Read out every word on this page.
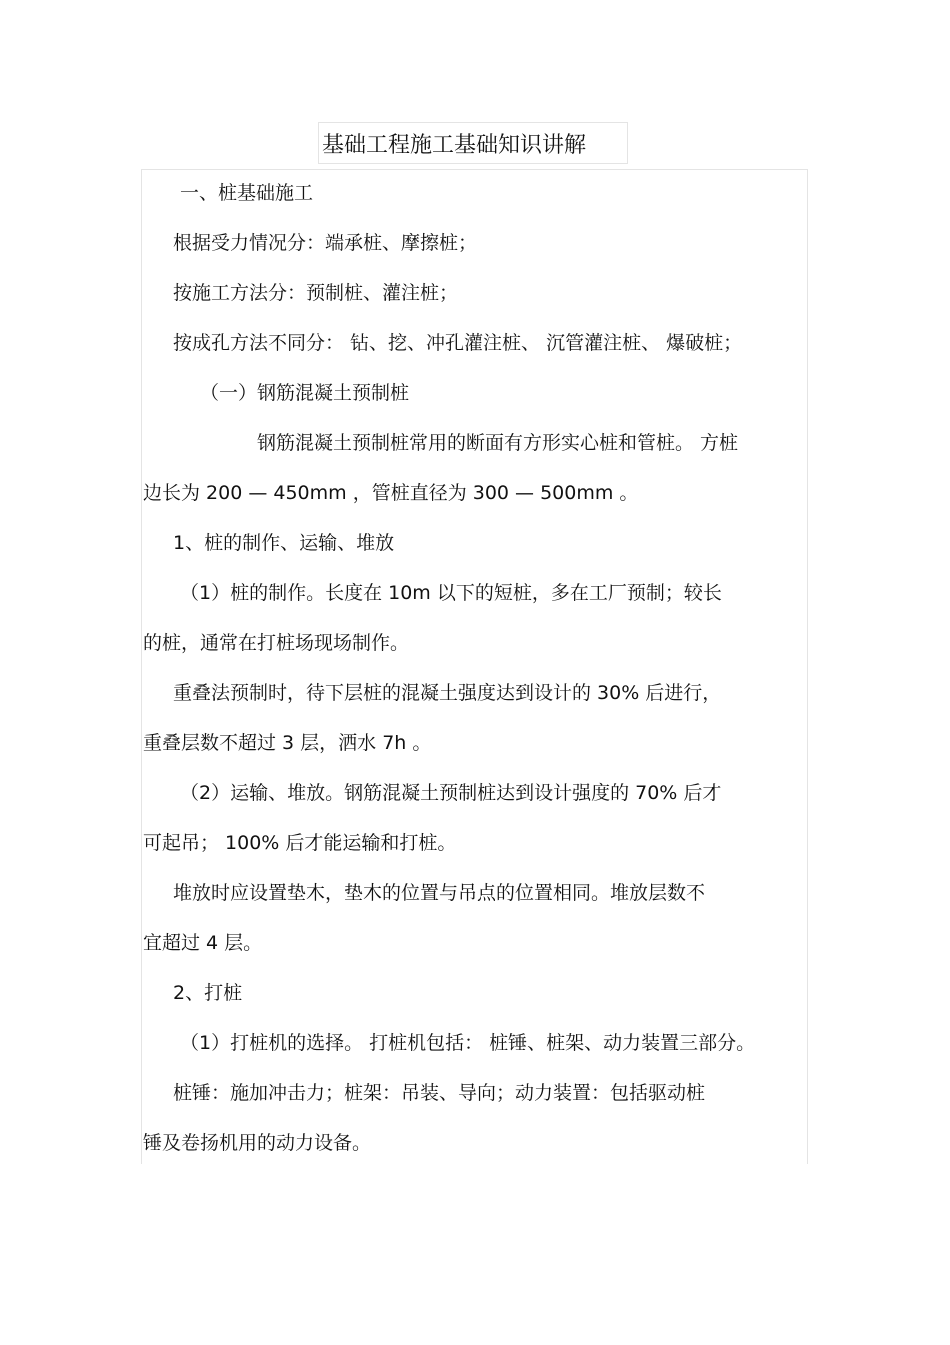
基础工程施工基础知识讲解
一、桩基础施工
根据受力情况分：端承桩、摩擦桩；
按施工方法分：预制桩、灌注桩；
按成孔方法不同分： 钻、挖、冲孔灌注桩、 沉管灌注桩、 爆破桩；
（一）钢筋混凝土预制桩
钢筋混凝土预制桩常用的断面有方形实心桩和管桩。 方桩
边长为 200 — 450mm ，管桩直径为 300 — 500mm 。
1、桩的制作、运输、堆放
（1）桩的制作。长度在 10m 以下的短桩，多在工厂预制；较长
的桩，通常在打桩场现场制作。
重叠法预制时，待下层桩的混凝土强度达到设计的 30% 后进行，
重叠层数不超过 3 层，洒水 7h 。
（2）运输、堆放。钢筋混凝土预制桩达到设计强度的 70% 后才
可起吊； 100% 后才能运输和打桩。
堆放时应设置垫木，垫木的位置与吊点的位置相同。堆放层数不
宜超过 4 层。
2、打桩
（1）打桩机的选择。 打桩机包括： 桩锤、桩架、动力装置三部分。
桩锤：施加冲击力；桩架：吊装、导向；动力装置：包括驱动桩
锤及卷扬机用的动力设备。
